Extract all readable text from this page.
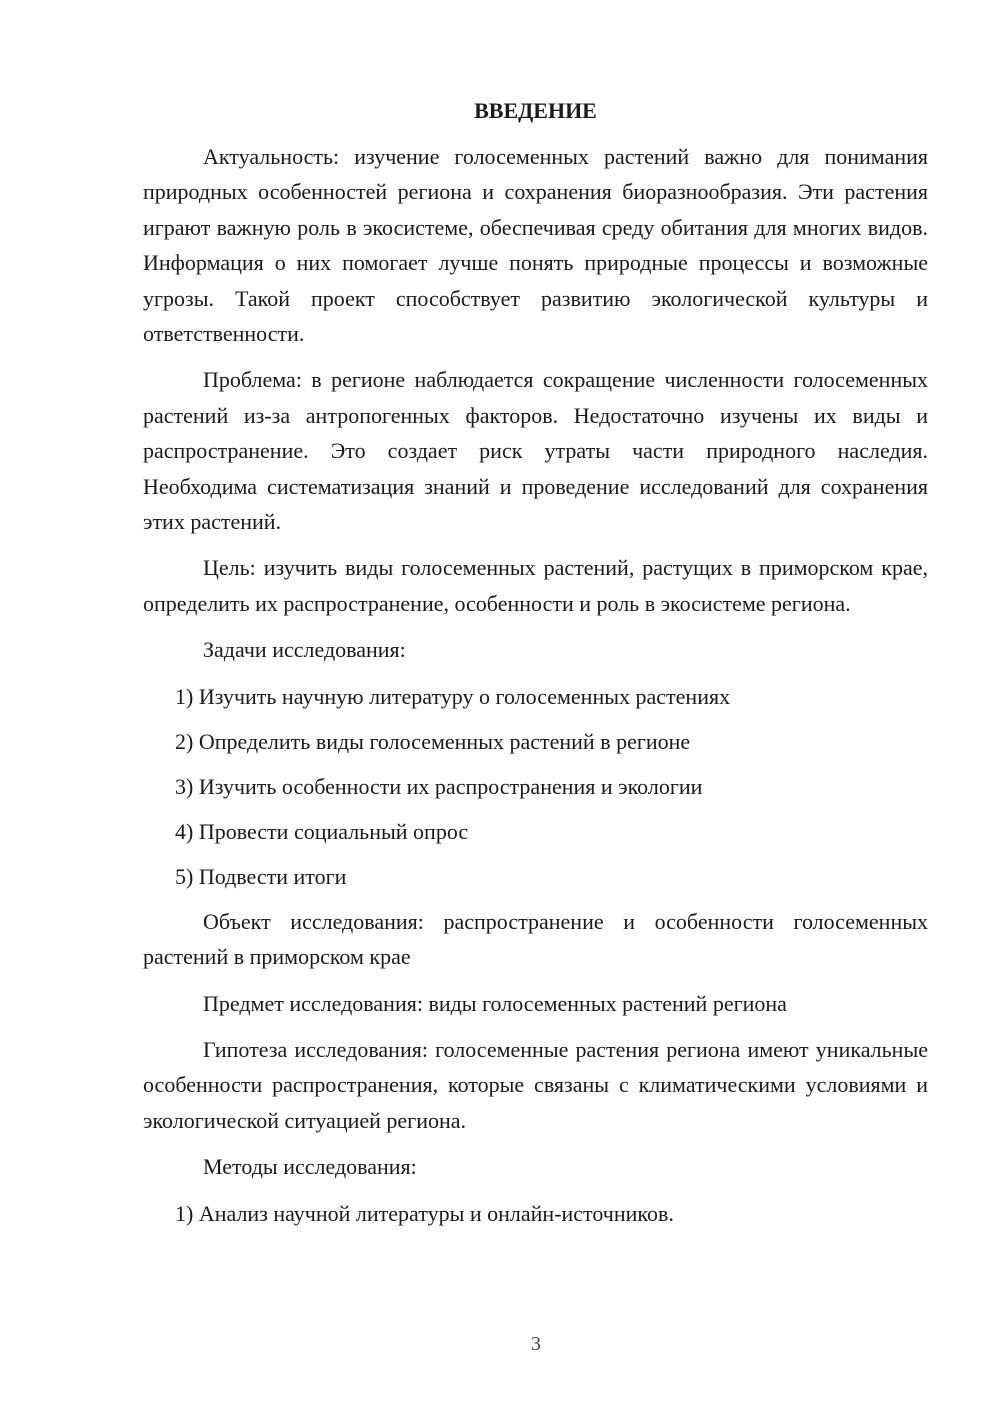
ВВЕДЕНИЕ

Актуальность: изучение голосеменных растений важно для понимания природных особенностей региона и сохранения биоразнообразия. Эти растения играют важную роль в экосистеме, обеспечивая среду обитания для многих видов. Информация о них помогает лучше понять природные процессы и возможные угрозы. Такой проект способствует развитию экологической культуры и ответственности.

Проблема: в регионе наблюдается сокращение численности голосеменных растений из-за антропогенных факторов. Недостаточно изучены их виды и распространение. Это создает риск утраты части природного наследия. Необходима систематизация знаний и проведение исследований для сохранения этих растений.

Цель: изучить виды голосеменных растений, растущих в приморском крае, определить их распространение, особенности и роль в экосистеме региона.

Задачи исследования:

1) Изучить научную литературу о голосеменных растениях
2) Определить виды голосеменных растений в регионе
3) Изучить особенности их распространения и экологии
4) Провести социальный опрос
5) Подвести итоги

Объект исследования: распространение и особенности голосеменных растений в приморском крае

Предмет исследования: виды голосеменных растений региона

Гипотеза исследования: голосеменные растения региона имеют уникальные особенности распространения, которые связаны с климатическими условиями и экологической ситуацией региона.

Методы исследования:

1) Анализ научной литературы и онлайн-источников.
3
